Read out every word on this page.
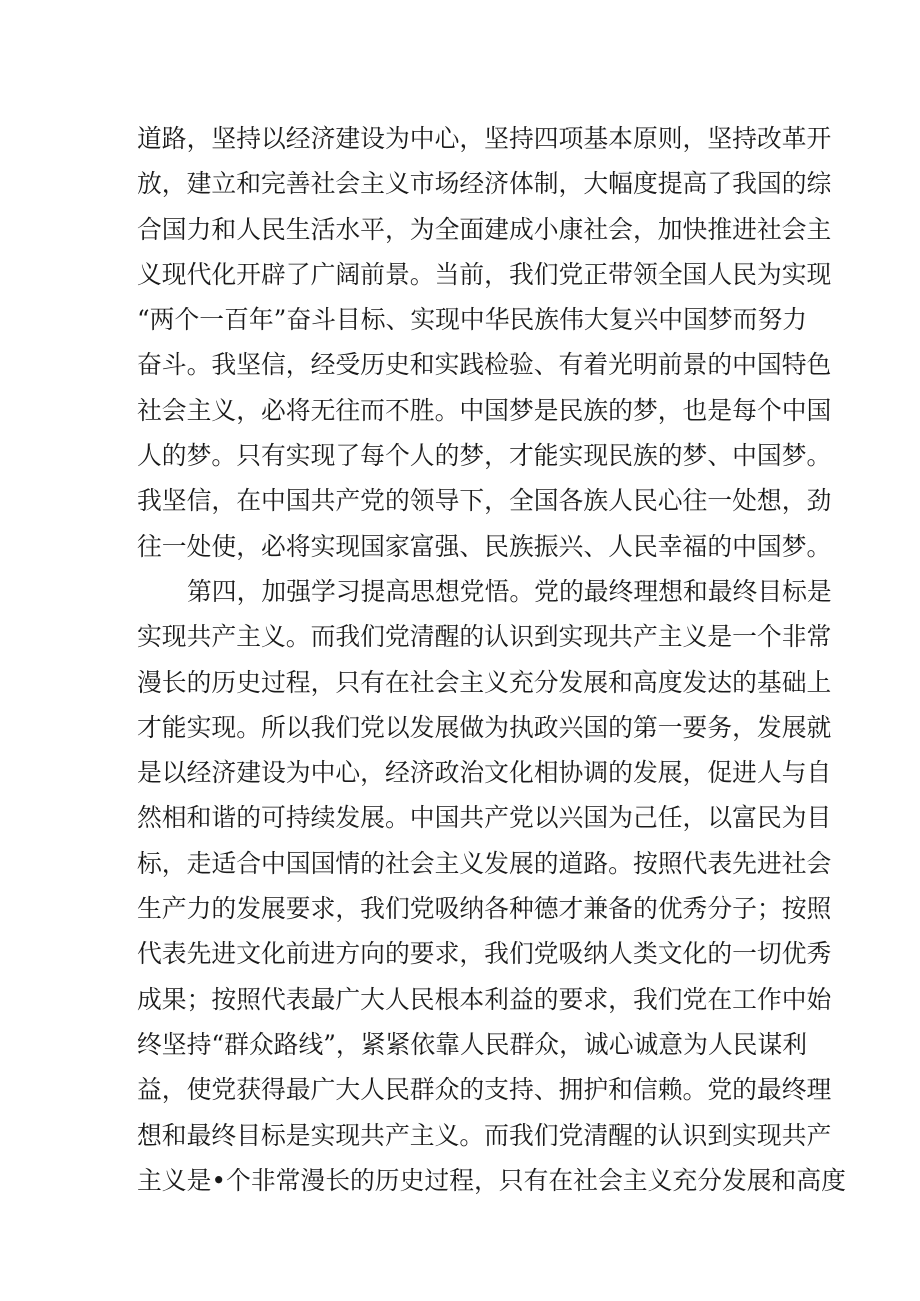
道路，坚持以经济建设为中心，坚持四项基本原则，坚持改革开
放，建立和完善社会主义市场经济体制，大幅度提高了我国的综
合国力和人民生活水平，为全面建成小康社会，加快推进社会主
义现代化开辟了广阔前景。当前，我们党正带领全国人民为实现
“两个一百年”奋斗目标、实现中华民族伟大复兴中国梦而努力
奋斗。我坚信，经受历史和实践检验、有着光明前景的中国特色
社会主义，必将无往而不胜。中国梦是民族的梦，也是每个中国
人的梦。只有实现了每个人的梦，才能实现民族的梦、中国梦。
我坚信，在中国共产党的领导下，全国各族人民心往一处想，劲
往一处使，必将实现国家富强、民族振兴、人民幸福的中国梦。
第四，加强学习提高思想党悟。党的最终理想和最终目标是
实现共产主义。而我们党清醒的认识到实现共产主义是一个非常
漫长的历史过程，只有在社会主义充分发展和高度发达的基础上
才能实现。所以我们党以发展做为执政兴国的第一要务，发展就
是以经济建设为中心，经济政治文化相协调的发展，促进人与自
然相和谐的可持续发展。中国共产党以兴国为己任，以富民为目
标，走适合中国国情的社会主义发展的道路。按照代表先进社会
生产力的发展要求，我们党吸纳各种德才兼备的优秀分子；按照
代表先进文化前进方向的要求，我们党吸纳人类文化的一切优秀
成果；按照代表最广大人民根本利益的要求，我们党在工作中始
终坚持“群众路线”，紧紧依靠人民群众，诚心诚意为人民谋利
益，使党获得最广大人民群众的支持、拥护和信赖。党的最终理
想和最终目标是实现共产主义。而我们党清醒的认识到实现共产
主义是•个非常漫长的历史过程，只有在社会主义充分发展和高度
